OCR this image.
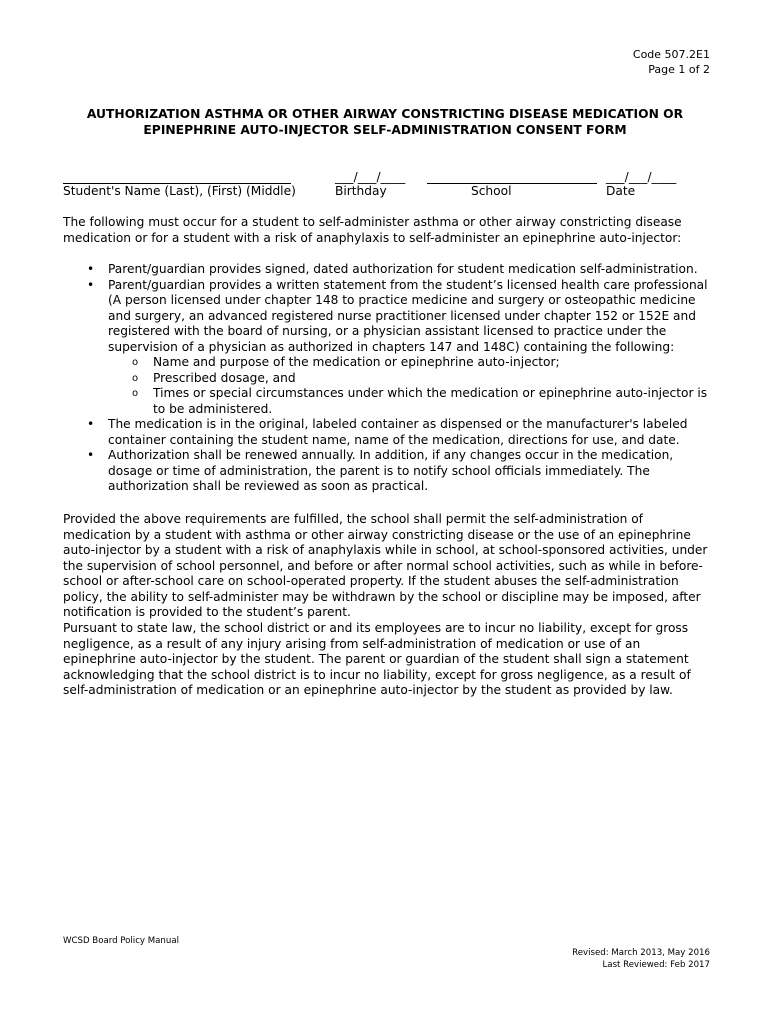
Code 507.2E1
Page 1 of 2
AUTHORIZATION ASTHMA OR OTHER AIRWAY CONSTRICTING DISEASE MEDICATION OR
EPINEPHRINE AUTO-INJECTOR SELF-ADMINISTRATION CONSENT FORM
Student's Name (Last), (First) (Middle)
___/___/____
Birthday	School
___/___/____
Date

The following must occur for a student to self-administer asthma or other airway constricting disease medication or for a student with a risk of anaphylaxis to self-administer an epinephrine auto-injector:

• Parent/guardian provides signed, dated authorization for student medication self-administration.
• Parent/guardian provides a written statement from the student’s licensed health care professional (A person licensed under chapter 148 to practice medicine and surgery or osteopathic medicine and surgery, an advanced registered nurse practitioner licensed under chapter 152 or 152E and registered with the board of nursing, or a physician assistant licensed to practice under the supervision of a physician as authorized in chapters 147 and 148C) containing the following:
o Name and purpose of the medication or epinephrine auto-injector;
o Prescribed dosage, and
o Times or special circumstances under which the medication or epinephrine auto-injector is to be administered.
• The medication is in the original, labeled container as dispensed or the manufacturer's labeled container containing the student name, name of the medication, directions for use, and date.
• Authorization shall be renewed annually. In addition, if any changes occur in the medication, dosage or time of administration, the parent is to notify school officials immediately. The authorization shall be reviewed as soon as practical.

Provided the above requirements are fulfilled, the school shall permit the self-administration of medication by a student with asthma or other airway constricting disease or the use of an epinephrine auto-injector by a student with a risk of anaphylaxis while in school, at school-sponsored activities, under the supervision of school personnel, and before or after normal school activities, such as while in before-school or after-school care on school-operated property. If the student abuses the self-administration policy, the ability to self-administer may be withdrawn by the school or discipline may be imposed, after notification is provided to the student’s parent.

Pursuant to state law, the school district or and its employees are to incur no liability, except for gross negligence, as a result of any injury arising from self-administration of medication or use of an epinephrine auto-injector by the student. The parent or guardian of the student shall sign a statement acknowledging that the school district is to incur no liability, except for gross negligence, as a result of self-administration of medication or an epinephrine auto-injector by the student as provided by law.

WCSD Board Policy Manual
Revised: March 2013, May 2016
Last Reviewed: Feb 2017
